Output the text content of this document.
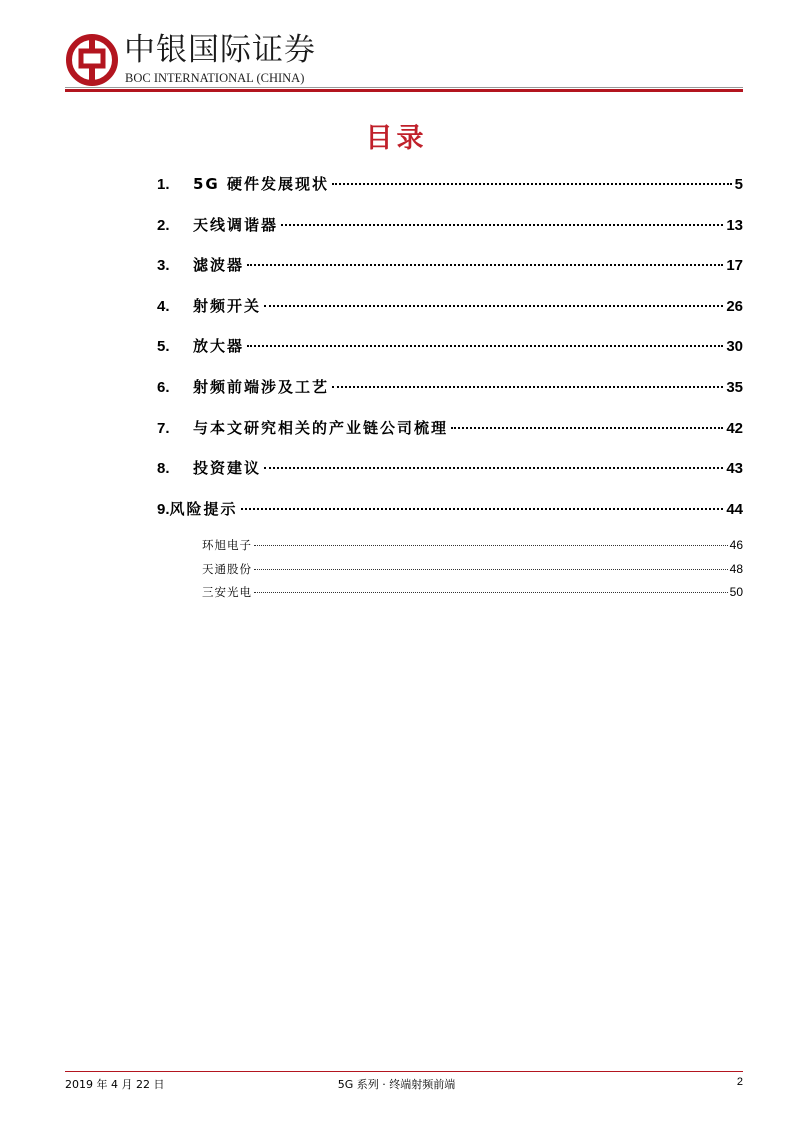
中银国际证券
BOC INTERNATIONAL (CHINA)
目录
1.	5G 硬件发展现状	5
2.	天线调谐器	13
3.	滤波器	17
4.	射频开关	26
5.	放大器	30
6.	射频前端涉及工艺	35
7.	与本文研究相关的产业链公司梳理	42
8.	投资建议	43
9. 风险提示	44
环旭电子	46
天通股份	48
三安光电	50
2019 年 4 月 22 日	5G 系列 · 终端射频前端	2
